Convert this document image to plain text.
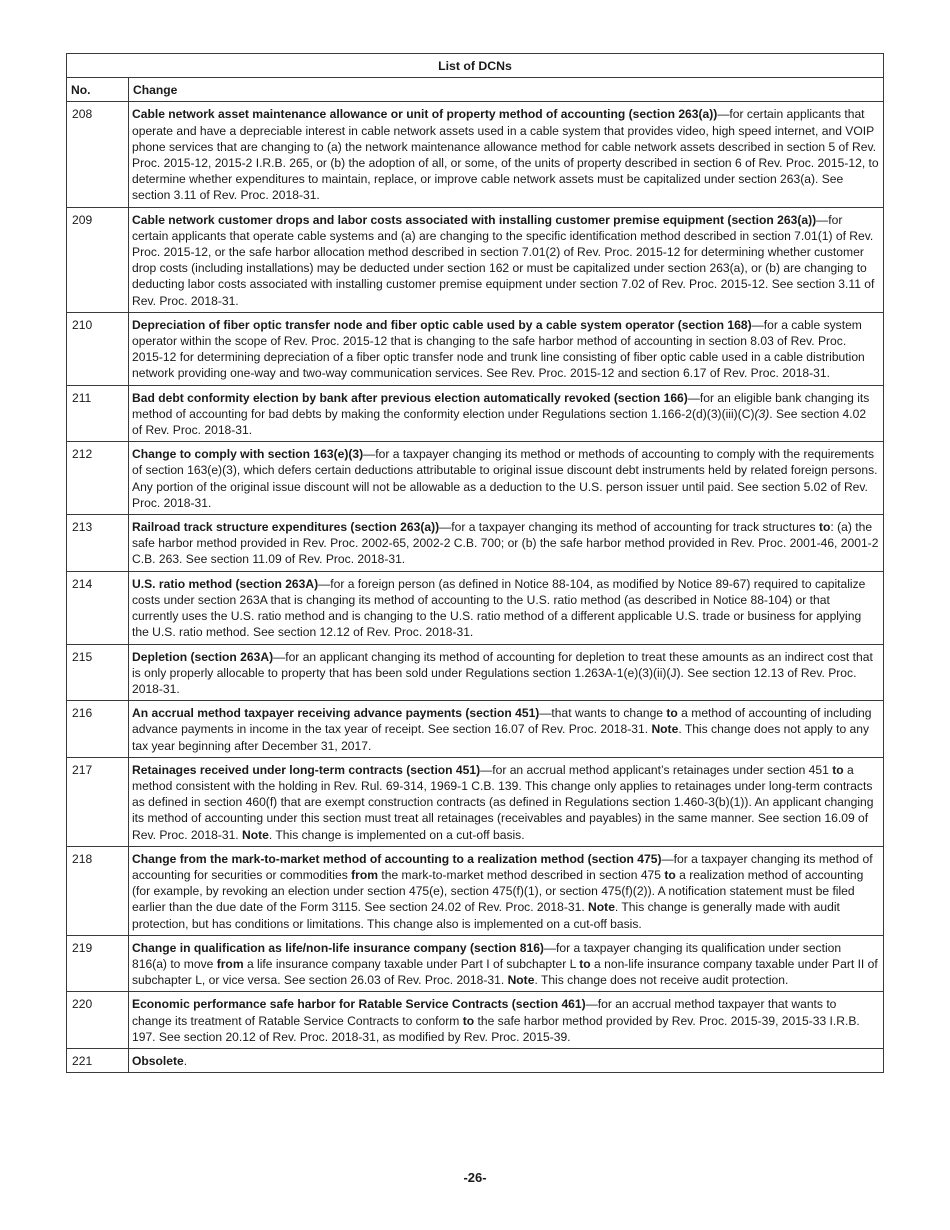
List of DCNs	
No.	Change
208	Cable network asset maintenance allowance or unit of property method of accounting (section 263(a))—for certain applicants that operate and have a depreciable interest in cable network assets used in a cable system that provides video, high speed internet, and VOIP phone services that are changing to (a) the network maintenance allowance method for cable network assets described in section 5 of Rev. Proc. 2015-12, 2015-2 I.R.B. 265, or (b) the adoption of all, or some, of the units of property described in section 6 of Rev. Proc. 2015-12, to determine whether expenditures to maintain, replace, or improve cable network assets must be capitalized under section 263(a). See section 3.11 of Rev. Proc. 2018-31.
209	Cable network customer drops and labor costs associated with installing customer premise equipment (section 263(a))—for certain applicants that operate cable systems and (a) are changing to the specific identification method described in section 7.01(1) of Rev. Proc. 2015-12, or the safe harbor allocation method described in section 7.01(2) of Rev. Proc. 2015-12 for determining whether customer drop costs (including installations) may be deducted under section 162 or must be capitalized under section 263(a), or (b) are changing to deducting labor costs associated with installing customer premise equipment under section 7.02 of Rev. Proc. 2015-12. See section 3.11 of Rev. Proc. 2018-31.
210	Depreciation of fiber optic transfer node and fiber optic cable used by a cable system operator (section 168)—for a cable system operator within the scope of Rev. Proc. 2015-12 that is changing to the safe harbor method of accounting in section 8.03 of Rev. Proc. 2015-12 for determining depreciation of a fiber optic transfer node and trunk line consisting of fiber optic cable used in a cable distribution network providing one-way and two-way communication services. See Rev. Proc. 2015-12 and section 6.17 of Rev. Proc. 2018-31.
211	Bad debt conformity election by bank after previous election automatically revoked (section 166)—for an eligible bank changing its method of accounting for bad debts by making the conformity election under Regulations section 1.166-2(d)(3)(iii)(C)(3). See section 4.02 of Rev. Proc. 2018-31.
212	Change to comply with section 163(e)(3)—for a taxpayer changing its method or methods of accounting to comply with the requirements of section 163(e)(3), which defers certain deductions attributable to original issue discount debt instruments held by related foreign persons. Any portion of the original issue discount will not be allowable as a deduction to the U.S. person issuer until paid. See section 5.02 of Rev. Proc. 2018-31.
213	Railroad track structure expenditures (section 263(a))—for a taxpayer changing its method of accounting for track structures to: (a) the safe harbor method provided in Rev. Proc. 2002-65, 2002-2 C.B. 700; or (b) the safe harbor method provided in Rev. Proc. 2001-46, 2001-2 C.B. 263. See section 11.09 of Rev. Proc. 2018-31.
214	U.S. ratio method (section 263A)—for a foreign person (as defined in Notice 88-104, as modified by Notice 89-67) required to capitalize costs under section 263A that is changing its method of accounting to the U.S. ratio method (as described in Notice 88-104) or that currently uses the U.S. ratio method and is changing to the U.S. ratio method of a different applicable U.S. trade or business for applying the U.S. ratio method. See section 12.12 of Rev. Proc. 2018-31.
215	Depletion (section 263A)—for an applicant changing its method of accounting for depletion to treat these amounts as an indirect cost that is only properly allocable to property that has been sold under Regulations section 1.263A-1(e)(3)(ii)(J). See section 12.13 of Rev. Proc. 2018-31.
216	An accrual method taxpayer receiving advance payments (section 451)—that wants to change to a method of accounting of including advance payments in income in the tax year of receipt. See section 16.07 of Rev. Proc. 2018-31. Note. This change does not apply to any tax year beginning after December 31, 2017.
217	Retainages received under long-term contracts (section 451)—for an accrual method applicant’s retainages under section 451 to a method consistent with the holding in Rev. Rul. 69-314, 1969-1 C.B. 139. This change only applies to retainages under long-term contracts as defined in section 460(f) that are exempt construction contracts (as defined in Regulations section 1.460-3(b)(1)). An applicant changing its method of accounting under this section must treat all retainages (receivables and payables) in the same manner. See section 16.09 of Rev. Proc. 2018-31. Note. This change is implemented on a cut-off basis.
218	Change from the mark-to-market method of accounting to a realization method (section 475)—for a taxpayer changing its method of accounting for securities or commodities from the mark-to-market method described in section 475 to a realization method of accounting (for example, by revoking an election under section 475(e), section 475(f)(1), or section 475(f)(2)). A notification statement must be filed earlier than the due date of the Form 3115. See section 24.02 of Rev. Proc. 2018-31. Note. This change is generally made with audit protection, but has conditions or limitations. This change also is implemented on a cut-off basis.
219	Change in qualification as life/non-life insurance company (section 816)—for a taxpayer changing its qualification under section 816(a) to move from a life insurance company taxable under Part I of subchapter L to a non-life insurance company taxable under Part II of subchapter L, or vice versa. See section 26.03 of Rev. Proc. 2018-31. Note. This change does not receive audit protection.
220	Economic performance safe harbor for Ratable Service Contracts (section 461)—for an accrual method taxpayer that wants to change its treatment of Ratable Service Contracts to conform to the safe harbor method provided by Rev. Proc. 2015-39, 2015-33 I.R.B. 197. See section 20.12 of Rev. Proc. 2018-31, as modified by Rev. Proc. 2015-39.
221	Obsolete.
-26-
